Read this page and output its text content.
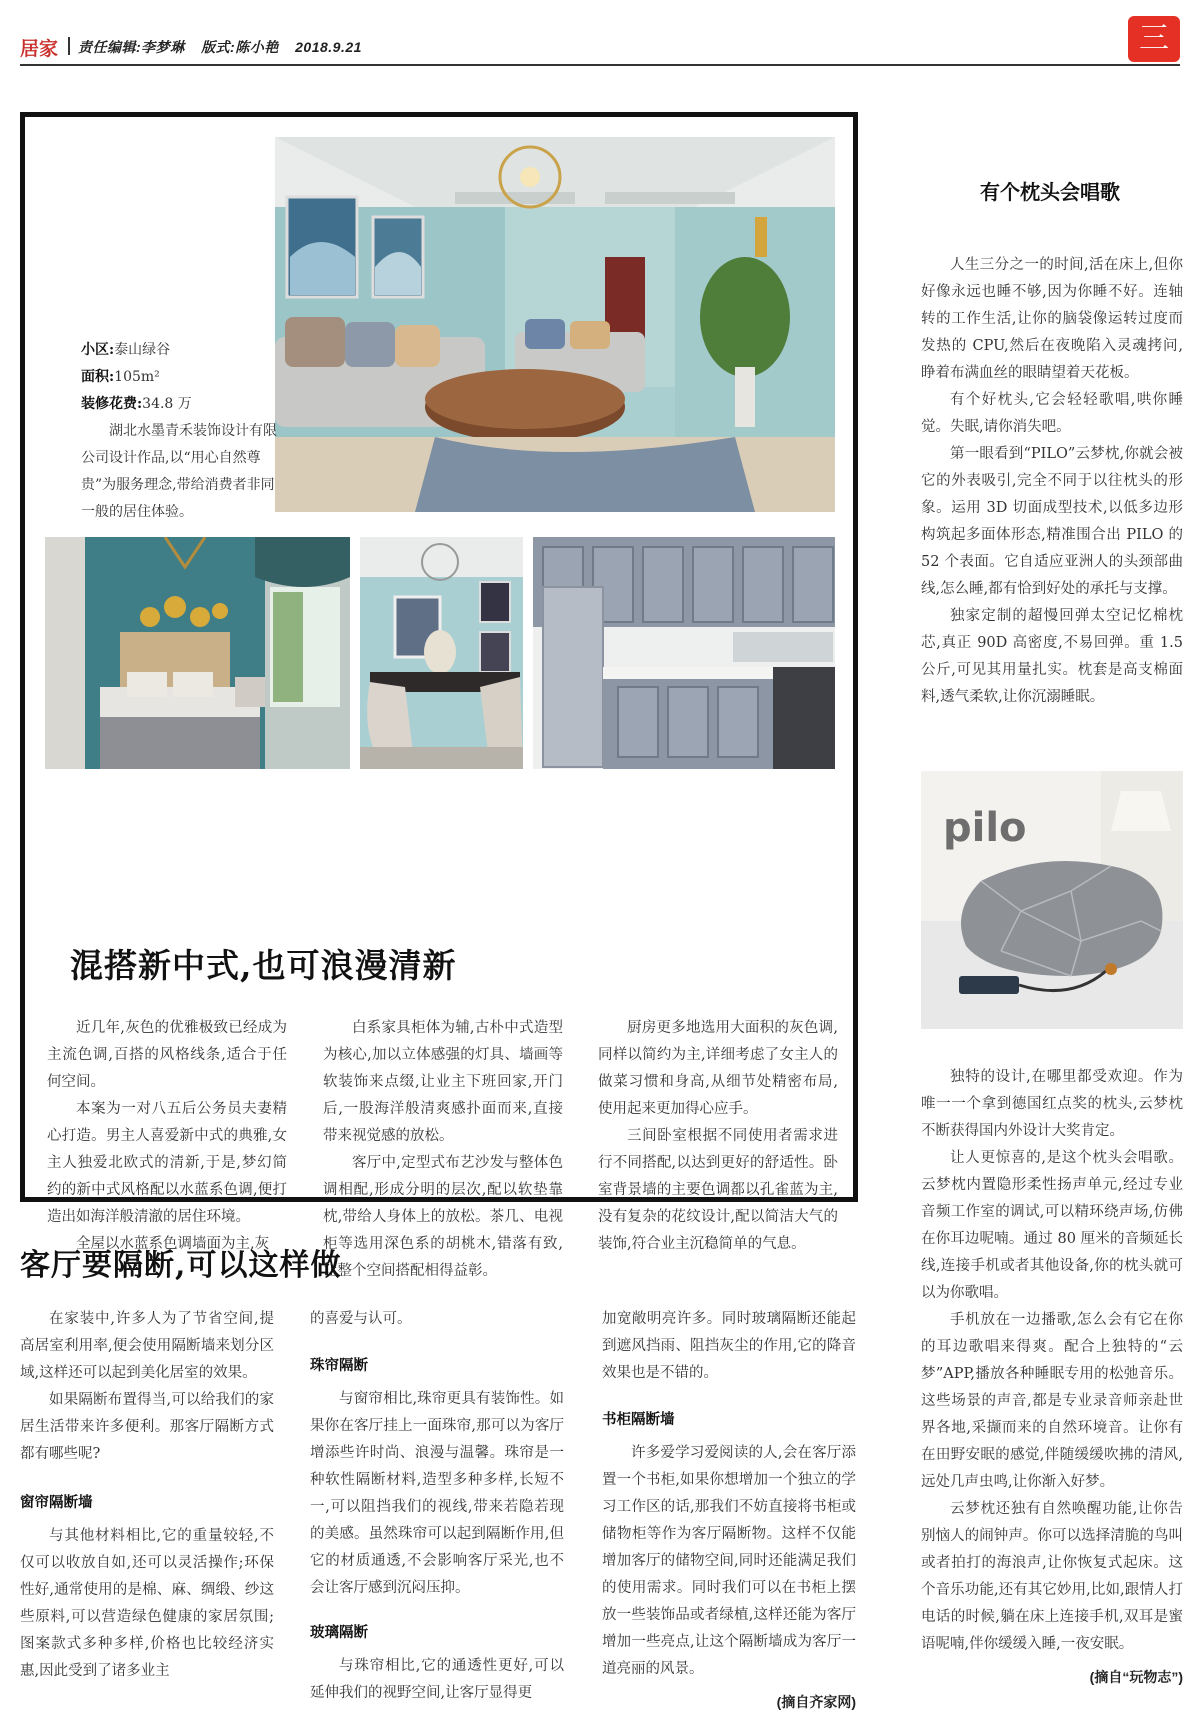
居家 责任编辑:李梦琳 版式:陈小艳 2018.9.21	三
小区:泰山绿谷
面积:105m²
装修花费:34.8 万

湖北水墨青禾装饰设计有限公司设计作品,以“用心自然尊贵”为服务理念,带给消费者非同一般的居住体验。

混搭新中式,也可浪漫清新

近几年,灰色的优雅极致已经成为主流色调,百搭的风格线条,适合于任何空间。

本案为一对八五后公务员夫妻精心打造。男主人喜爱新中式的典雅,女主人独爱北欧式的清新,于是,梦幻简约的新中式风格配以水蓝系色调,便打造出如海洋般清澈的居住环境。

全屋以水蓝系色调墙面为主,灰

白系家具柜体为辅,古朴中式造型为核心,加以立体感强的灯具、墙画等软装饰来点缀,让业主下班回家,开门后,一股海洋般清爽感扑面而来,直接带来视觉感的放松。

客厅中,定型式布艺沙发与整体色调相配,形成分明的层次,配以软垫靠枕,带给人身体上的放松。茶几、电视柜等选用深色系的胡桃木,错落有致,让整个空间搭配相得益彰。

厨房更多地选用大面积的灰色调,同样以简约为主,详细考虑了女主人的做菜习惯和身高,从细节处精密布局,使用起来更加得心应手。

三间卧室根据不同使用者需求进行不同搭配,以达到更好的舒适性。卧室背景墙的主要色调都以孔雀蓝为主,没有复杂的花纹设计,配以简洁大气的装饰,符合业主沉稳简单的气息。

客厅要隔断,可以这样做

在家装中,许多人为了节省空间,提高居室利用率,便会使用隔断墙来划分区域,这样还可以起到美化居室的效果。

如果隔断布置得当,可以给我们的家居生活带来许多便利。那客厅隔断方式都有哪些呢?

窗帘隔断墙

与其他材料相比,它的重量较轻,不仅可以收放自如,还可以灵活操作;环保性好,通常使用的是棉、麻、绸缎、纱这些原料,可以营造绿色健康的家居氛围;图案款式多种多样,价格也比较经济实惠,因此受到了诸多业主

的喜爱与认可。

珠帘隔断

与窗帘相比,珠帘更具有装饰性。如果你在客厅挂上一面珠帘,那可以为客厅增添些许时尚、浪漫与温馨。珠帘是一种软性隔断材料,造型多种多样,长短不一,可以阻挡我们的视线,带来若隐若现的美感。虽然珠帘可以起到隔断作用,但它的材质通透,不会影响客厅采光,也不会让客厅感到沉闷压抑。

玻璃隔断

与珠帘相比,它的通透性更好,可以延伸我们的视野空间,让客厅显得更

加宽敞明亮许多。同时玻璃隔断还能起到遮风挡雨、阻挡灰尘的作用,它的降音效果也是不错的。

书柜隔断墙

许多爱学习爱阅读的人,会在客厅添置一个书柜,如果你想增加一个独立的学习工作区的话,那我们不妨直接将书柜或储物柜等作为客厅隔断物。这样不仅能增加客厅的储物空间,同时还能满足我们的使用需求。同时我们可以在书柜上摆放一些装饰品或者绿植,这样还能为客厅增加一些亮点,让这个隔断墙成为客厅一道亮丽的风景。

(摘自齐家网)
有个枕头会唱歌

人生三分之一的时间,活在床上,但你好像永远也睡不够,因为你睡不好。连轴转的工作生活,让你的脑袋像运转过度而发热的 CPU,然后在夜晚陷入灵魂拷问,睁着布满血丝的眼睛望着天花板。

有个好枕头,它会轻轻歌唱,哄你睡觉。失眠,请你消失吧。

第一眼看到“PILO”云梦枕,你就会被它的外表吸引,完全不同于以往枕头的形象。运用 3D 切面成型技术,以低多边形构筑起多面体形态,精准围合出 PILO 的 52 个表面。它自适应亚洲人的头颈部曲线,怎么睡,都有恰到好处的承托与支撑。

独家定制的超慢回弹太空记忆棉枕芯,真正 90D 高密度,不易回弹。重 1.5 公斤,可见其用量扎实。枕套是高支棉面料,透气柔软,让你沉溺睡眠。

pilo

独特的设计,在哪里都受欢迎。作为唯一一个拿到德国红点奖的枕头,云梦枕不断获得国内外设计大奖肯定。

让人更惊喜的,是这个枕头会唱歌。云梦枕内置隐形柔性扬声单元,经过专业音频工作室的调试,可以精环绕声场,仿佛在你耳边呢喃。通过 80 厘米的音频延长线,连接手机或者其他设备,你的枕头就可以为你歌唱。

手机放在一边播歌,怎么会有它在你的耳边歌唱来得爽。配合上独特的“云梦”APP,播放各种睡眠专用的松弛音乐。这些场景的声音,都是专业录音师亲赴世界各地,采撷而来的自然环境音。让你有在田野安眠的感觉,伴随缓缓吹拂的清风,远处几声虫鸣,让你渐入好梦。

云梦枕还独有自然唤醒功能,让你告别恼人的闹钟声。你可以选择清脆的鸟叫或者拍打的海浪声,让你恢复式起床。这个音乐功能,还有其它妙用,比如,跟情人打电话的时候,躺在床上连接手机,双耳是蜜语呢喃,伴你缓缓入睡,一夜安眠。

(摘自“玩物志”)
